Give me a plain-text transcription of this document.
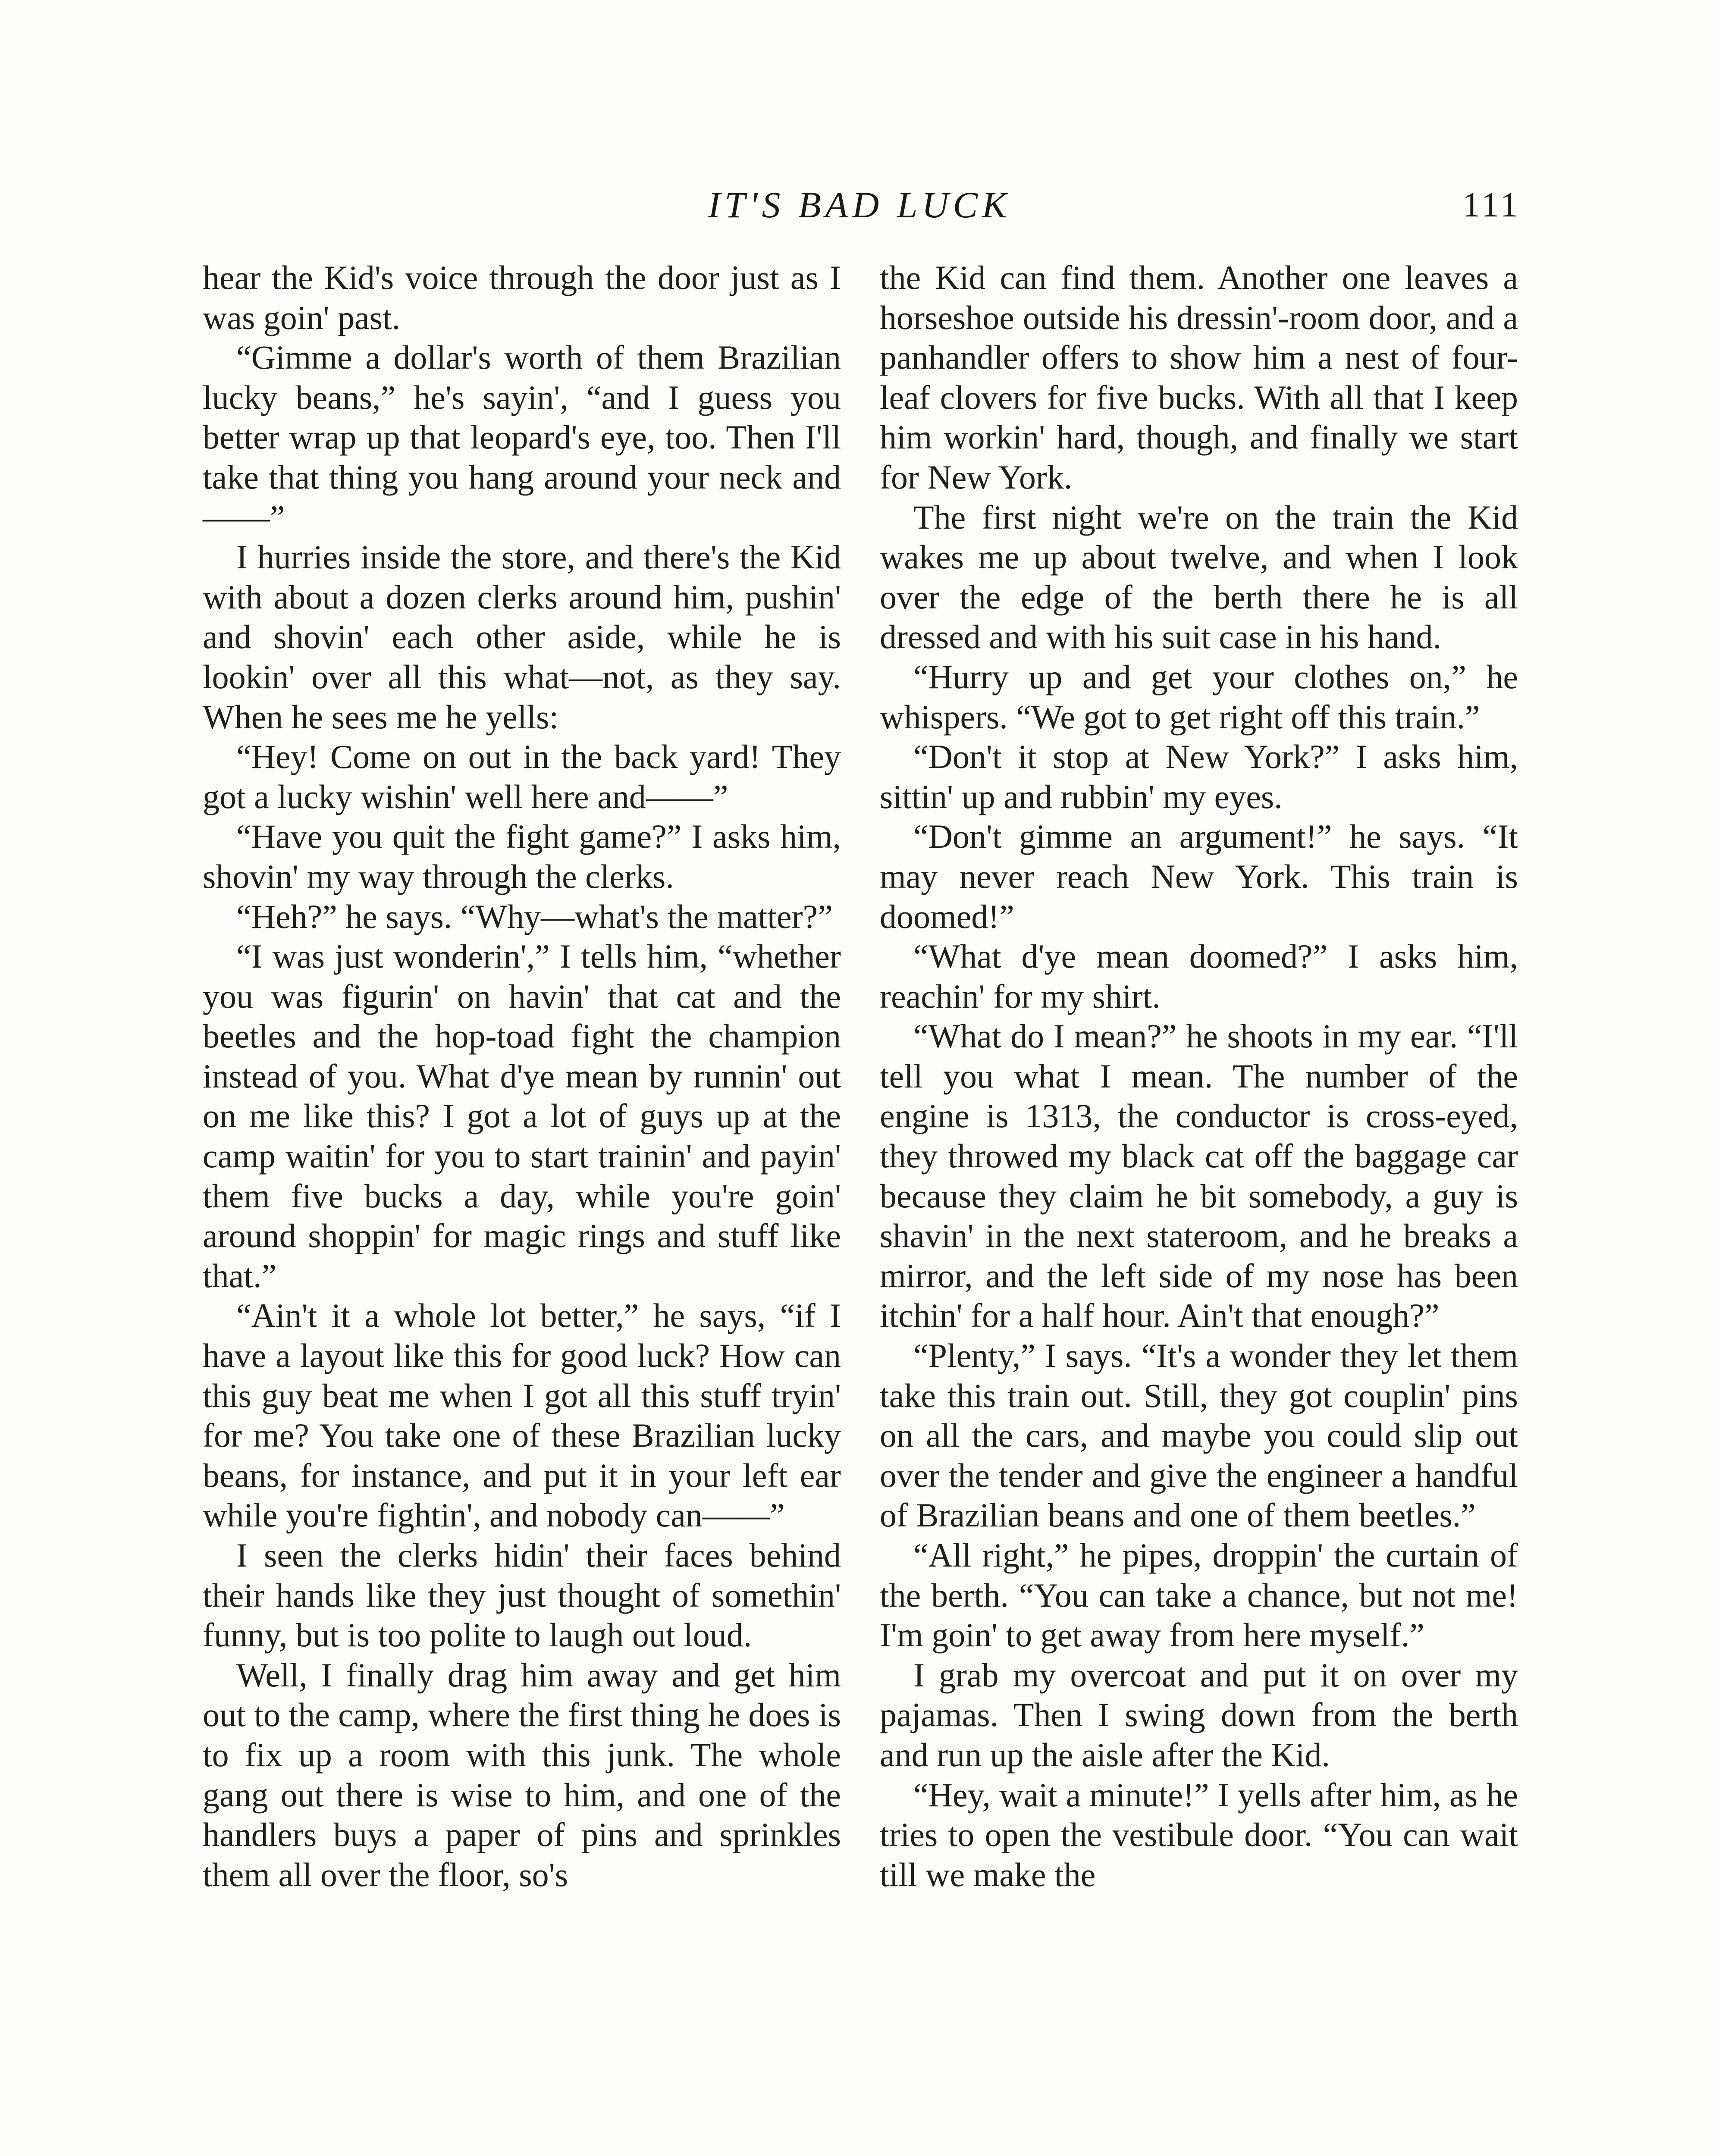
IT'S BAD LUCK	111

hear the Kid's voice through the door just as I was goin' past.

“Gimme a dollar's worth of them Brazilian lucky beans,” he's sayin', “and I guess you better wrap up that leopard's eye, too. Then I'll take that thing you hang around your neck and——”

I hurries inside the store, and there's the Kid with about a dozen clerks around him, pushin' and shovin' each other aside, while he is lookin' over all this what—not, as they say. When he sees me he yells:

“Hey! Come on out in the back yard! They got a lucky wishin' well here and——”

“Have you quit the fight game?” I asks him, shovin' my way through the clerks.

“Heh?” he says. “Why—what's the matter?”

“I was just wonderin',” I tells him, “whether you was figurin' on havin' that cat and the beetles and the hop-toad fight the champion instead of you. What d'ye mean by runnin' out on me like this? I got a lot of guys up at the camp waitin' for you to start trainin' and payin' them five bucks a day, while you're goin' around shoppin' for magic rings and stuff like that.”

“Ain't it a whole lot better,” he says, “if I have a layout like this for good luck? How can this guy beat me when I got all this stuff tryin' for me? You take one of these Brazilian lucky beans, for instance, and put it in your left ear while you're fightin', and nobody can——”

I seen the clerks hidin' their faces behind their hands like they just thought of somethin' funny, but is too polite to laugh out loud.

Well, I finally drag him away and get him out to the camp, where the first thing he does is to fix up a room with this junk. The whole gang out there is wise to him, and one of the handlers buys a paper of pins and sprinkles them all over the floor, so's

the Kid can find them. Another one leaves a horseshoe outside his dressin'-room door, and a panhandler offers to show him a nest of four-leaf clovers for five bucks. With all that I keep him workin' hard, though, and finally we start for New York.

The first night we're on the train the Kid wakes me up about twelve, and when I look over the edge of the berth there he is all dressed and with his suit case in his hand.

“Hurry up and get your clothes on,” he whispers. “We got to get right off this train.”

“Don't it stop at New York?” I asks him, sittin' up and rubbin' my eyes.

“Don't gimme an argument!” he says. “It may never reach New York. This train is doomed!”

“What d'ye mean doomed?” I asks him, reachin' for my shirt.

“What do I mean?” he shoots in my ear. “I'll tell you what I mean. The number of the engine is 1313, the conductor is cross-eyed, they throwed my black cat off the baggage car because they claim he bit somebody, a guy is shavin' in the next stateroom, and he breaks a mirror, and the left side of my nose has been itchin' for a half hour. Ain't that enough?”

“Plenty,” I says. “It's a wonder they let them take this train out. Still, they got couplin' pins on all the cars, and maybe you could slip out over the tender and give the engineer a handful of Brazilian beans and one of them beetles.”

“All right,” he pipes, droppin' the curtain of the berth. “You can take a chance, but not me! I'm goin' to get away from here myself.”

I grab my overcoat and put it on over my pajamas. Then I swing down from the berth and run up the aisle after the Kid.

“Hey, wait a minute!” I yells after him, as he tries to open the vestibule door. “You can wait till we make the
